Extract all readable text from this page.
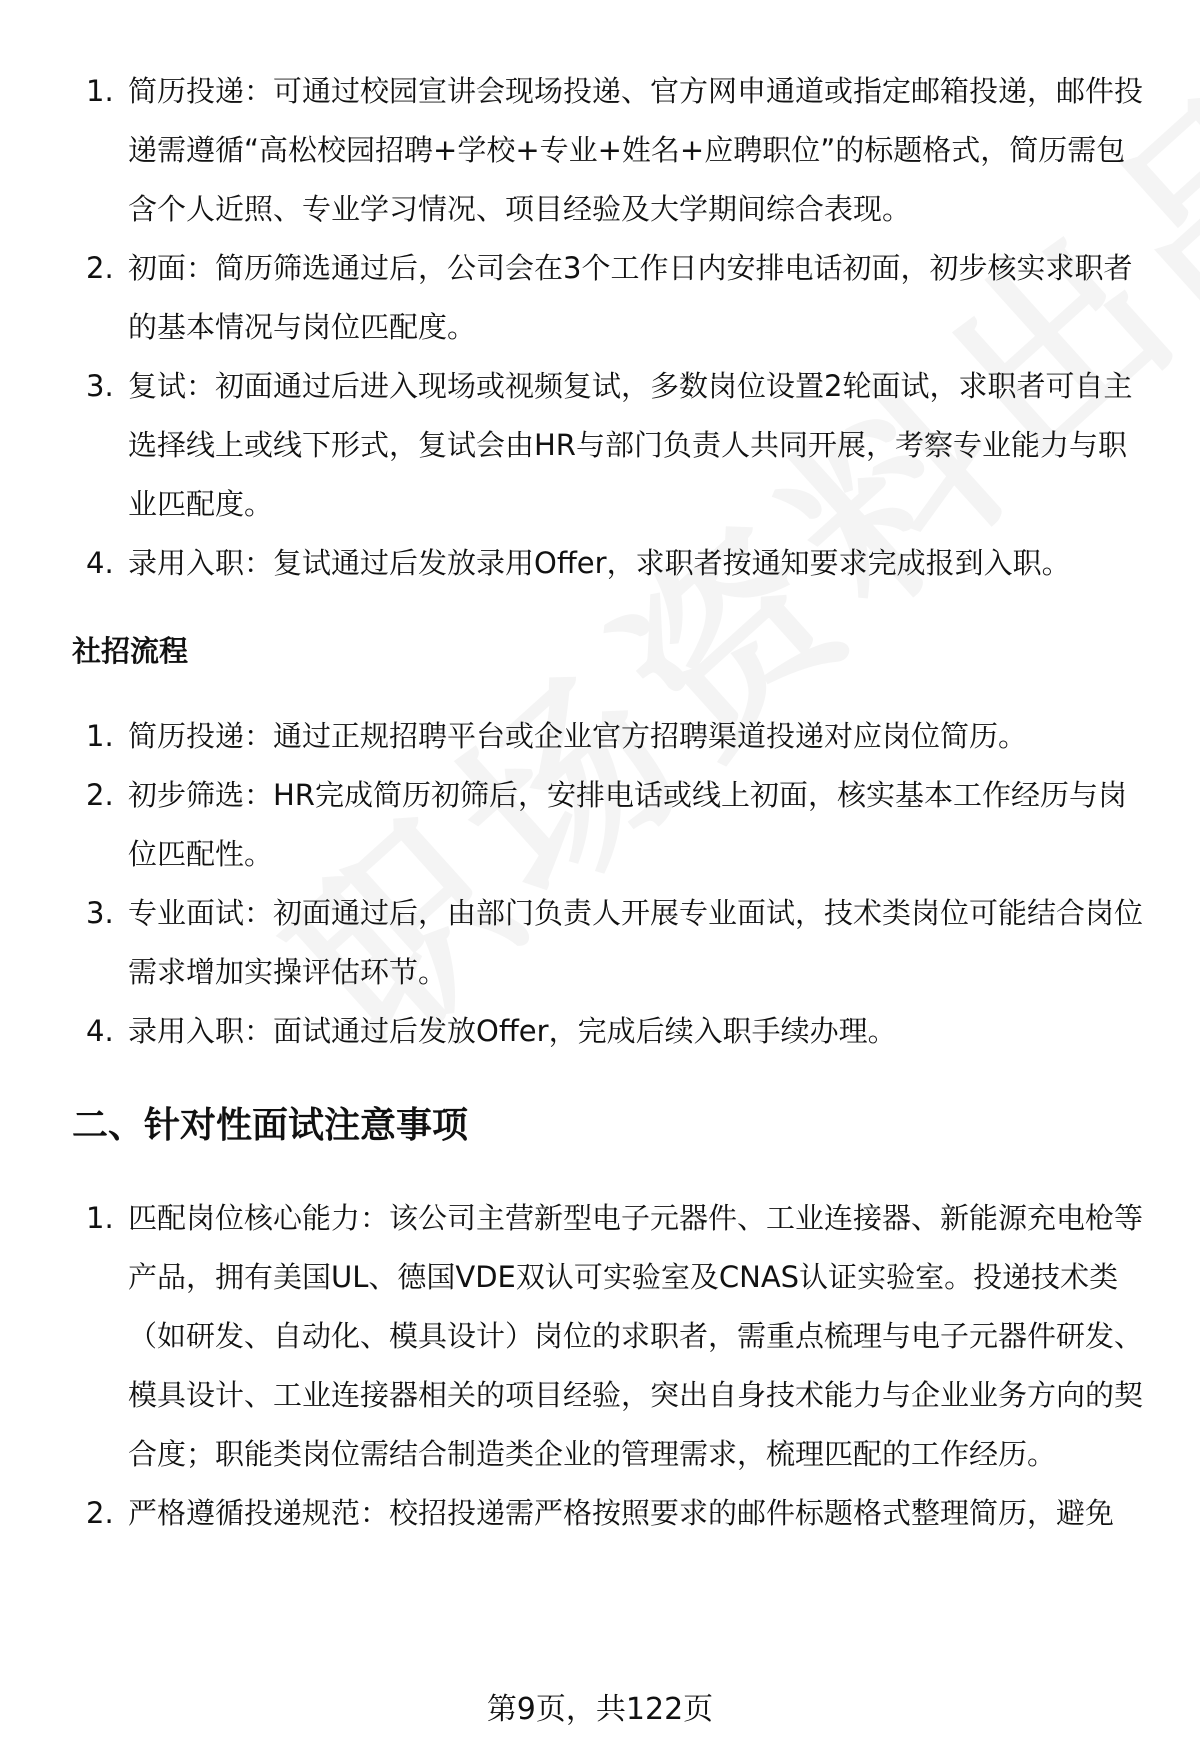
1. 简历投递：可通过校园宣讲会现场投递、官方网申通道或指定邮箱投递，邮件投递需遵循“高松校园招聘+学校+专业+姓名+应聘职位”的标题格式，简历需包含个人近照、专业学习情况、项目经验及大学期间综合表现。
2. 初面：简历筛选通过后，公司会在3个工作日内安排电话初面，初步核实求职者的基本情况与岗位匹配度。
3. 复试：初面通过后进入现场或视频复试，多数岗位设置2轮面试，求职者可自主选择线上或线下形式，复试会由HR与部门负责人共同开展，考察专业能力与职业匹配度。
4. 录用入职：复试通过后发放录用Offer，求职者按通知要求完成报到入职。
社招流程
1. 简历投递：通过正规招聘平台或企业官方招聘渠道投递对应岗位简历。
2. 初步筛选：HR完成简历初筛后，安排电话或线上初面，核实基本工作经历与岗位匹配性。
3. 专业面试：初面通过后，由部门负责人开展专业面试，技术类岗位可能结合岗位需求增加实操评估环节。
4. 录用入职：面试通过后发放Offer，完成后续入职手续办理。
二、针对性面试注意事项
1. 匹配岗位核心能力：该公司主营新型电子元器件、工业连接器、新能源充电枪等产品，拥有美国UL、德国VDE双认可实验室及CNAS认证实验室。投递技术类（如研发、自动化、模具设计）岗位的求职者，需重点梳理与电子元器件研发、模具设计、工业连接器相关的项目经验，突出自身技术能力与企业业务方向的契合度；职能类岗位需结合制造类企业的管理需求，梳理匹配的工作经历。
2. 严格遵循投递规范：校招投递需严格按照要求的邮件标题格式整理简历，避免
第9页，共122页
